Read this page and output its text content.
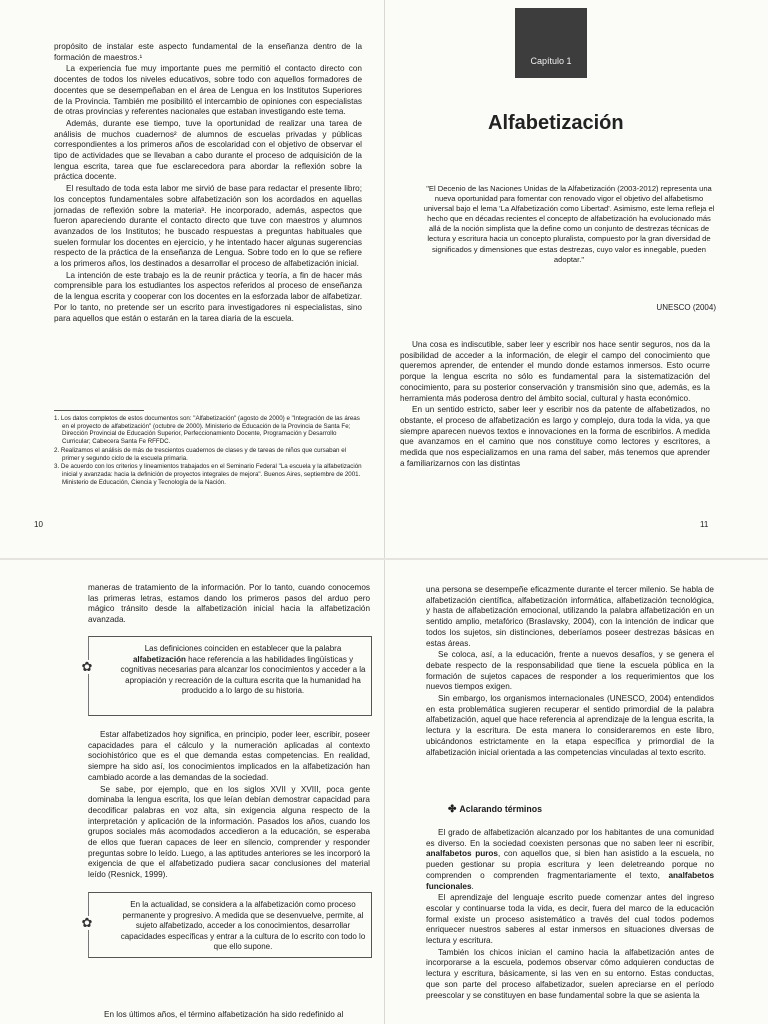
propósito de instalar este aspecto fundamental de la enseñanza dentro de la formación de maestros.¹

La experiencia fue muy importante pues me permitió el contacto directo con docentes de todos los niveles educativos, sobre todo con aquellos formadores de docentes que se desempeñaban en el área de Lengua en los Institutos Superiores de la Provincia. También me posibilitó el intercambio de opiniones con especialistas de otras provincias y referentes nacionales que estaban investigando este tema.

Además, durante ese tiempo, tuve la oportunidad de realizar una tarea de análisis de muchos cuadernos² de alumnos de escuelas privadas y públicas correspondientes a los primeros años de escolaridad con el objetivo de observar el tipo de actividades que se llevaban a cabo durante el proceso de adquisición de la lengua escrita, tarea que fue esclarecedora para abordar la reflexión sobre la práctica docente.

El resultado de toda esta labor me sirvió de base para redactar el presente libro; los conceptos fundamentales sobre alfabetización son los acordados en aquellas jornadas de reflexión sobre la materia³. He incorporado, además, aspectos que fueron apareciendo durante el contacto directo que tuve con maestros y alumnos avanzados de los Institutos; he buscado respuestas a preguntas habituales que suelen formular los docentes en ejercicio, y he intentado hacer algunas sugerencias respecto de la práctica de la enseñanza de Lengua. Sobre todo en lo que se refiere a los primeros años, los destinados a desarrollar el proceso de alfabetización inicial.

La intención de este trabajo es la de reunir práctica y teoría, a fin de hacer más comprensible para los estudiantes los aspectos referidos al proceso de enseñanza de la lengua escrita y cooperar con los docentes en la esforzada labor de alfabetizar. Por lo tanto, no pretende ser un escrito para investigadores ni especialistas, sino para aquellos que están o estarán en la tarea diaria de la escuela.

1. Los datos completos de estos documentos son: "Alfabetización" (agosto de 2000) e "Integración de las áreas en el proyecto de alfabetización" (octubre de 2000). Ministerio de Educación de la Provincia de Santa Fe; Dirección Provincial de Educación Superior, Perfeccionamiento Docente, Programación y Desarrollo Curricular; Cabecera Santa Fe RFFDC.
2. Realizamos el análisis de más de trescientos cuadernos de clases y de tareas de niños que cursaban el primer y segundo ciclo de la escuela primaria.
3. De acuerdo con los criterios y lineamientos trabajados en el Seminario Federal "La escuela y la alfabetización inicial y avanzada: hacia la definición de proyectos integrales de mejora". Buenos Aires, septiembre de 2001. Ministerio de Educación, Ciencia y Tecnología de la Nación.
10	11
Capítulo 1
Alfabetización

"El Decenio de las Naciones Unidas de la Alfabetización (2003-2012) representa una nueva oportunidad para fomentar con renovado vigor el objetivo del alfabetismo universal bajo el lema 'La Alfabetización como Libertad'. Asimismo, este lema refleja el hecho que en décadas recientes el concepto de alfabetización ha evolucionado más allá de la noción simplista que la define como un conjunto de destrezas técnicas de lectura y escritura hacia un concepto pluralista, compuesto por la gran diversidad de significados y dimensiones que estas destrezas, cuyo valor es innegable, pueden adoptar."

UNESCO (2004)

Una cosa es indiscutible, saber leer y escribir nos hace sentir seguros, nos da la posibilidad de acceder a la información, de elegir el campo del conocimiento que queremos aprender, de entender el mundo donde estamos inmersos. Esto ocurre porque la lengua escrita no sólo es fundamental para la sistematización del conocimiento, para su posterior conservación y transmisión sino que, además, es la herramienta más poderosa dentro del ámbito social, cultural y hasta económico.

En un sentido estricto, saber leer y escribir nos da patente de alfabetizados, no obstante, el proceso de alfabetización es largo y complejo, dura toda la vida, ya que siempre aparecen nuevos textos e innovaciones en la forma de escribirlos. A medida que avanzamos en el camino que nos constituye como lectores y escritores, a medida que nos especializamos en una rama del saber, más tenemos que aprender a familiarizarnos con las distintas

maneras de tratamiento de la información. Por lo tanto, cuando conocemos las primeras letras, estamos dando los primeros pasos del arduo pero mágico tránsito desde la alfabetización inicial hacia la alfabetización avanzada.

✿

Las definiciones coinciden en establecer que la palabra alfabetización hace referencia a las habilidades lingüísticas y cognitivas necesarias para alcanzar los conocimientos y acceder a la apropiación y recreación de la cultura escrita que la humanidad ha producido a lo largo de su historia.

Estar alfabetizados hoy significa, en principio, poder leer, escribir, poseer capacidades para el cálculo y la numeración aplicadas al contexto sociohistórico que es el que demanda estas competencias. En realidad, siempre ha sido así, los conocimientos implicados en la alfabetización han cambiado acorde a las demandas de la sociedad.

Se sabe, por ejemplo, que en los siglos XVII y XVIII, poca gente dominaba la lengua escrita, los que leían debían demostrar capacidad para decodificar palabras en voz alta, sin exigencia alguna respecto de la interpretación y aplicación de la información. Pasados los años, cuando los grupos sociales más acomodados accedieron a la educación, se esperaba de ellos que fueran capaces de leer en silencio, comprender y responder preguntas sobre lo leído. Luego, a las aptitudes anteriores se les incorporó la exigencia de que el alfabetizado pudiera sacar conclusiones del material leído (Resnick, 1999).

✿

En la actualidad, se considera a la alfabetización como proceso permanente y progresivo. A medida que se desenvuelve, permite, al sujeto alfabetizado, acceder a los conocimientos, desarrollar capacidades específicas y entrar a la cultura de lo escrito con todo lo que ello supone.

En los últimos años, el término alfabetización ha sido redefinido al

una persona se desempeñe eficazmente durante el tercer milenio. Se habla de alfabetización científica, alfabetización informática, alfabetización tecnológica, y hasta de alfabetización emocional, utilizando la palabra alfabetización en un sentido amplio, metafórico (Braslavsky, 2004), con la intención de indicar que todos los sujetos, sin distinciones, deberíamos poseer destrezas básicas en estas áreas.

Se coloca, así, a la educación, frente a nuevos desafíos, y se genera el debate respecto de la responsabilidad que tiene la escuela pública en la formación de sujetos capaces de responder a los requerimientos que los nuevos tiempos exigen.

Sin embargo, los organismos internacionales (UNESCO, 2004) entendidos en esta problemática sugieren recuperar el sentido primordial de la palabra alfabetización, aquel que hace referencia al aprendizaje de la lengua escrita, la lectura y la escritura. De esta manera lo consideraremos en este libro, ubicándonos estrictamente en la etapa específica y primordial de la alfabetización inicial orientada a las competencias vinculadas al texto escrito.

✤ Aclarando términos

El grado de alfabetización alcanzado por los habitantes de una comunidad es diverso. En la sociedad coexisten personas que no saben leer ni escribir, analfabetos puros, con aquellos que, si bien han asistido a la escuela, no pueden gestionar su propia escritura y leen deletreando porque no comprenden o comprenden fragmentariamente el texto, analfabetos funcionales.

El aprendizaje del lenguaje escrito puede comenzar antes del ingreso escolar y continuarse toda la vida, es decir, fuera del marco de la educación formal existe un proceso asistemático a través del cual todos podemos enriquecer nuestros saberes al estar inmersos en situaciones diversas de lectura y escritura.

También los chicos inician el camino hacia la alfabetización antes de incorporarse a la escuela, podemos observar cómo adquieren conductas de lectura y escritura, básicamente, si las ven en su entorno. Estas conductas, que son parte del proceso alfabetizador, suelen apreciarse en el período preescolar y se constituyen en base fundamental sobre la que se asienta la
